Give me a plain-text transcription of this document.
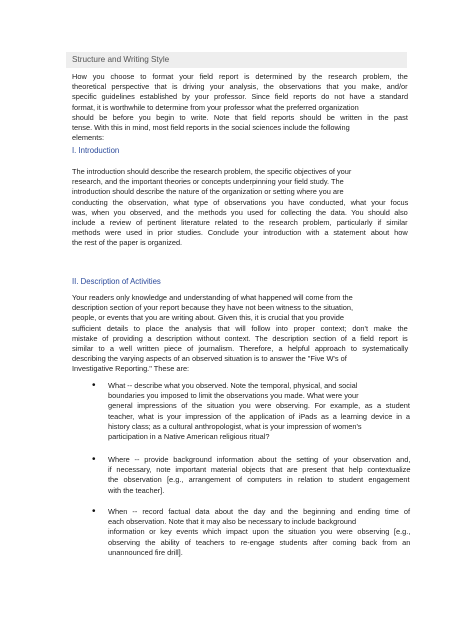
Structure and Writing Style

How you choose to format your field report is determined by the research problem, the
theoretical perspective that is driving your analysis, the observations that you make, and/or
specific guidelines established by your professor. Since field reports do not have a standard
format, it is worthwhile to determine from your professor what the preferred organization
should be before you begin to write. Note that field reports should be written in the past
tense. With this in mind, most field reports in the social sciences include the following
elements:

I. Introduction

The introduction should describe the research problem, the specific objectives of your
research, and the important theories or concepts underpinning your field study. The
introduction should describe the nature of the organization or setting where you are
conducting the observation, what type of observations you have conducted, what your focus
was, when you observed, and the methods you used for collecting the data. You should also
include a review of pertinent literature related to the research problem, particularly if similar
methods were used in prior studies. Conclude your introduction with a statement about how
the rest of the paper is organized.

II. Description of Activities

Your readers only knowledge and understanding of what happened will come from the
description section of your report because they have not been witness to the situation,
people, or events that you are writing about. Given this, it is crucial that you provide
sufficient details to place the analysis that will follow into proper context; don't make the
mistake of providing a description without context. The description section of a field report is
similar to a well written piece of journalism. Therefore, a helpful approach to systematically
describing the varying aspects of an observed situation is to answer the "Five W's of
Investigative Reporting." These are:

• What -- describe what you observed. Note the temporal, physical, and social
boundaries you imposed to limit the observations you made. What were your
general impressions of the situation you were observing. For example, as a student
teacher, what is your impression of the application of iPads as a learning device in a
history class; as a cultural anthropologist, what is your impression of women's
participation in a Native American religious ritual?
• Where -- provide background information about the setting of your observation and,
if necessary, note important material objects that are present that help contextualize
the observation [e.g., arrangement of computers in relation to student engagement
with the teacher].
• When -- record factual data about the day and the beginning and ending time of
each observation. Note that it may also be necessary to include background
information or key events which impact upon the situation you were observing [e.g.,
observing the ability of teachers to re-engage students after coming back from an
unannounced fire drill].
